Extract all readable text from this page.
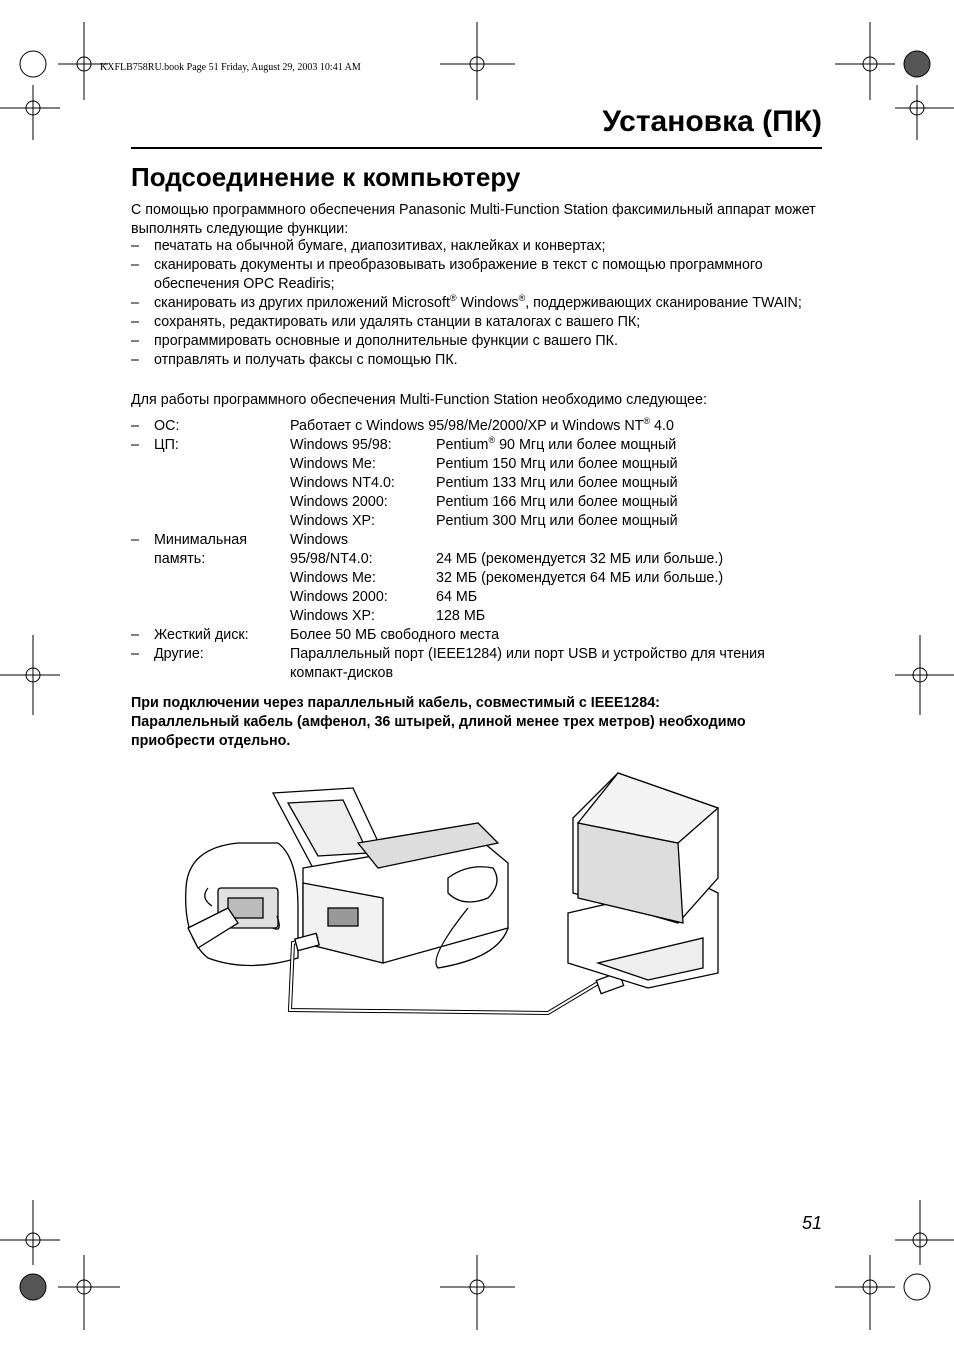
KXFLB758RU.book Page 51 Friday, August 29, 2003 10:41 AM
Установка (ПК)
Подсоединение к компьютеру
С помощью программного обеспечения Panasonic Multi-Function Station факсимильный аппарат может выполнять следующие функции:
– печатать на обычной бумаге, диапозитивах, наклейках и конвертах;
– сканировать документы и преобразовывать изображение в текст с помощью программного обеспечения OPC Readiris;
– сканировать из других приложений Microsoft® Windows®, поддерживающих сканирование TWAIN;
– сохранять, редактировать или удалять станции в каталогах с вашего ПК;
– программировать основные и дополнительные функции с вашего ПК.
– отправлять и получать факсы с помощью ПК.
Для работы программного обеспечения Multi-Function Station необходимо следующее:
– ОС:	Работает с Windows 95/98/Me/2000/XP и Windows NT® 4.0
– ЦП:	Windows 95/98:	Pentium® 90 Мгц или более мощный
Windows Me:	Pentium 150 Мгц или более мощный
Windows NT4.0:	Pentium 133 Мгц или более мощный
Windows 2000:	Pentium 166 Мгц или более мощный
Windows XP:	Pentium 300 Мгц или более мощный
– Минимальная
память:
Windows
95/98/NT4.0:	24 МБ (рекомендуется 32 МБ или больше.)
Windows Me:	32 МБ (рекомендуется 64 МБ или больше.)
Windows 2000:	64 МБ
Windows XP:	128 МБ
– Жесткий диск:	Более 50 МБ свободного места
– Другие:	Параллельный порт (IEEE1284) или порт USB и устройство для чтения компакт-дисков
При подключении через параллельный кабель, совместимый с IEEE1284:
Параллельный кабель (амфенол, 36 штырей, длиной менее трех метров) необходимо приобрести отдельно.
51
